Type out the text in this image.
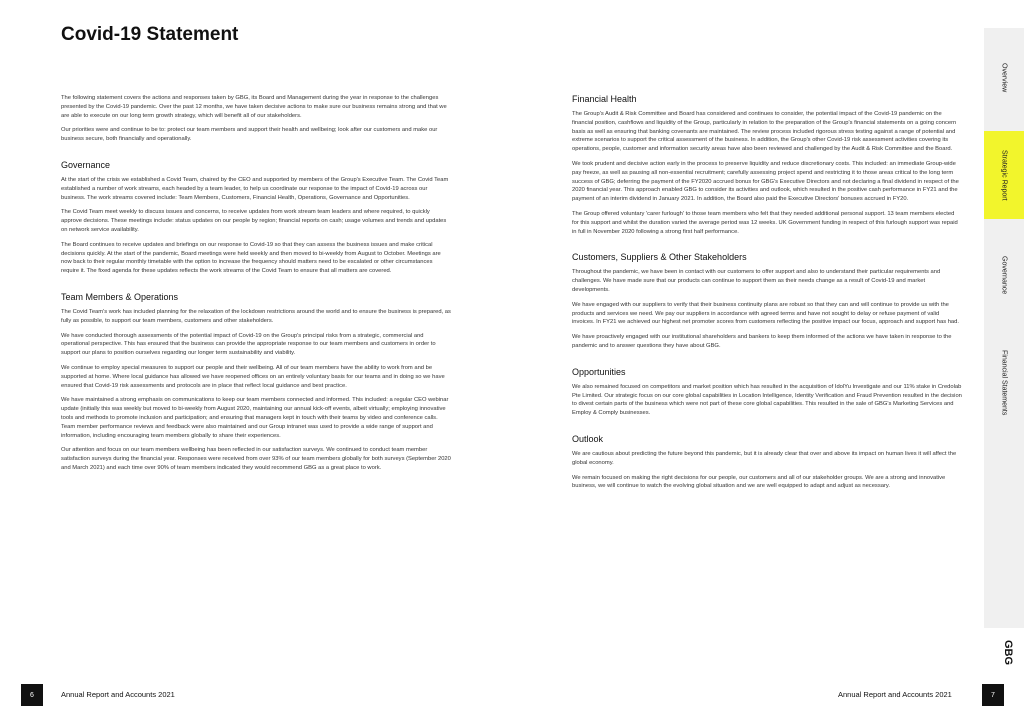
Covid-19 Statement

The following statement covers the actions and responses taken by GBG, its Board and Management during the year in response to the challenges presented by the Covid-19 pandemic. Over the past 12 months, we have taken decisive actions to make sure our business remains strong and that we are able to execute on our long term growth strategy, which will benefit all of our stakeholders.

Our priorities were and continue to be to: protect our team members and support their health and wellbeing; look after our customers and make our business secure, both financially and operationally.

Governance

At the start of the crisis we established a Covid Team, chaired by the CEO and supported by members of the Group's Executive Team. The Covid Team established a number of work streams, each headed by a team leader, to help us coordinate our response to the impact of Covid-19 across our business. The work streams covered include: Team Members, Customers, Financial Health, Operations, Governance and Opportunities.

The Covid Team meet weekly to discuss issues and concerns, to receive updates from work stream team leaders and where required, to quickly approve decisions. These meetings include: status updates on our people by region; financial reports on cash; usage volumes and trends and updates on network service availability.

The Board continues to receive updates and briefings on our response to Covid-19 so that they can assess the business issues and make critical decisions quickly. At the start of the pandemic, Board meetings were held weekly and then moved to bi-weekly from August to October. Meetings are now back to their regular monthly timetable with the option to increase the frequency should matters need to be escalated or other circumstances require it. The fixed agenda for these updates reflects the work streams of the Covid Team to ensure that all matters are covered.

Team Members & Operations

The Covid Team's work has included planning for the relaxation of the lockdown restrictions around the world and to ensure the business is prepared, as fully as possible, to support our team members, customers and other stakeholders.

We have conducted thorough assessments of the potential impact of Covid-19 on the Group's principal risks from a strategic, commercial and operational perspective. This has ensured that the business can provide the appropriate response to our team members and customers in order to support our plans to position ourselves regarding our longer term sustainability and viability.

We continue to employ special measures to support our people and their wellbeing. All of our team members have the ability to work from and be supported at home. Where local guidance has allowed we have reopened offices on an entirely voluntary basis for our teams and in doing so we have ensured that Covid-19 risk assessments and protocols are in place that reflect local guidance and best practice.

We have maintained a strong emphasis on communications to keep our team members connected and informed. This included: a regular CEO webinar update (initially this was weekly but moved to bi-weekly from August 2020, maintaining our annual kick-off events, albeit virtually; employing innovative tools and methods to promote inclusion and participation; and ensuring that managers kept in touch with their teams by video and conference calls. Team member performance reviews and feedback were also maintained and our Group intranet was used to provide a wide range of support and information, including encouraging team members globally to share their experiences.

Our attention and focus on our team members wellbeing has been reflected in our satisfaction surveys. We continued to conduct team member satisfaction surveys during the financial year. Responses were received from over 93% of our team members globally for both surveys (September 2020 and March 2021) and each time over 90% of team members indicated they would recommend GBG as a great place to work.

Financial Health

The Group's Audit & Risk Committee and Board has considered and continues to consider, the potential impact of the Covid-19 pandemic on the financial position, cashflows and liquidity of the Group, particularly in relation to the preparation of the Group's financial statements on a going concern basis as well as ensuring that banking covenants are maintained. The review process included rigorous stress testing against a range of potential and extreme scenarios to support the critical assessment of the business. In addition, the Group's other Covid-19 risk assessment activities covering its operations, people, customer and information security areas have also been reviewed and challenged by the Audit & Risk Committee and the Board.

We took prudent and decisive action early in the process to preserve liquidity and reduce discretionary costs. This included: an immediate Group-wide pay freeze, as well as pausing all non-essential recruitment; carefully assessing project spend and restricting it to those areas critical to the long term success of GBG; deferring the payment of the FY2020 accrued bonus for GBG's Executive Directors and not declaring a final dividend in respect of the 2020 financial year. This approach enabled GBG to consider its activities and outlook, which resulted in the positive cash performance in FY21 and the payment of an interim dividend in January 2021. In addition, the Board also paid the Executive Directors' bonuses accrued in FY20.

The Group offered voluntary 'carer furlough' to those team members who felt that they needed additional personal support. 13 team members elected for this support and whilst the duration varied the average period was 12 weeks. UK Government funding in respect of this furlough support was repaid in full in November 2020 following a strong first half performance.

Customers, Suppliers & Other Stakeholders

Throughout the pandemic, we have been in contact with our customers to offer support and also to understand their particular requirements and challenges. We have made sure that our products can continue to support them as their needs change as a result of Covid-19 and market developments.

We have engaged with our suppliers to verify that their business continuity plans are robust so that they can and will continue to provide us with the products and services we need. We pay our suppliers in accordance with agreed terms and have not sought to delay or refuse payment of valid invoices. In FY21 we achieved our highest net promoter scores from customers reflecting the positive impact our focus, approach and support has had.

We have proactively engaged with our institutional shareholders and bankers to keep them informed of the actions we have taken in response to the pandemic and to answer questions they have about GBG.

Opportunities

We also remained focused on competitors and market position which has resulted in the acquisition of IdolYu Investigate and our 11% stake in Credolab Pte Limited. Our strategic focus on our core global capabilities in Location Intelligence, Identity Verification and Fraud Prevention resulted in the decision to divest certain parts of the business which were not part of these core global capabilities. This resulted in the sale of GBG's Marketing Services and Employ & Comply businesses.

Outlook

We are cautious about predicting the future beyond this pandemic, but it is already clear that over and above its impact on human lives it will affect the global economy.

We remain focused on making the right decisions for our people, our customers and all of our stakeholder groups. We are a strong and innovative business, we will continue to watch the evolving global situation and we are well equipped to adapt and adjust as necessary.

Overview
Strategic Report
Governance
Financial Statements
GBG
6	Annual Report and Accounts 2021	Annual Report and Accounts 2021	7
